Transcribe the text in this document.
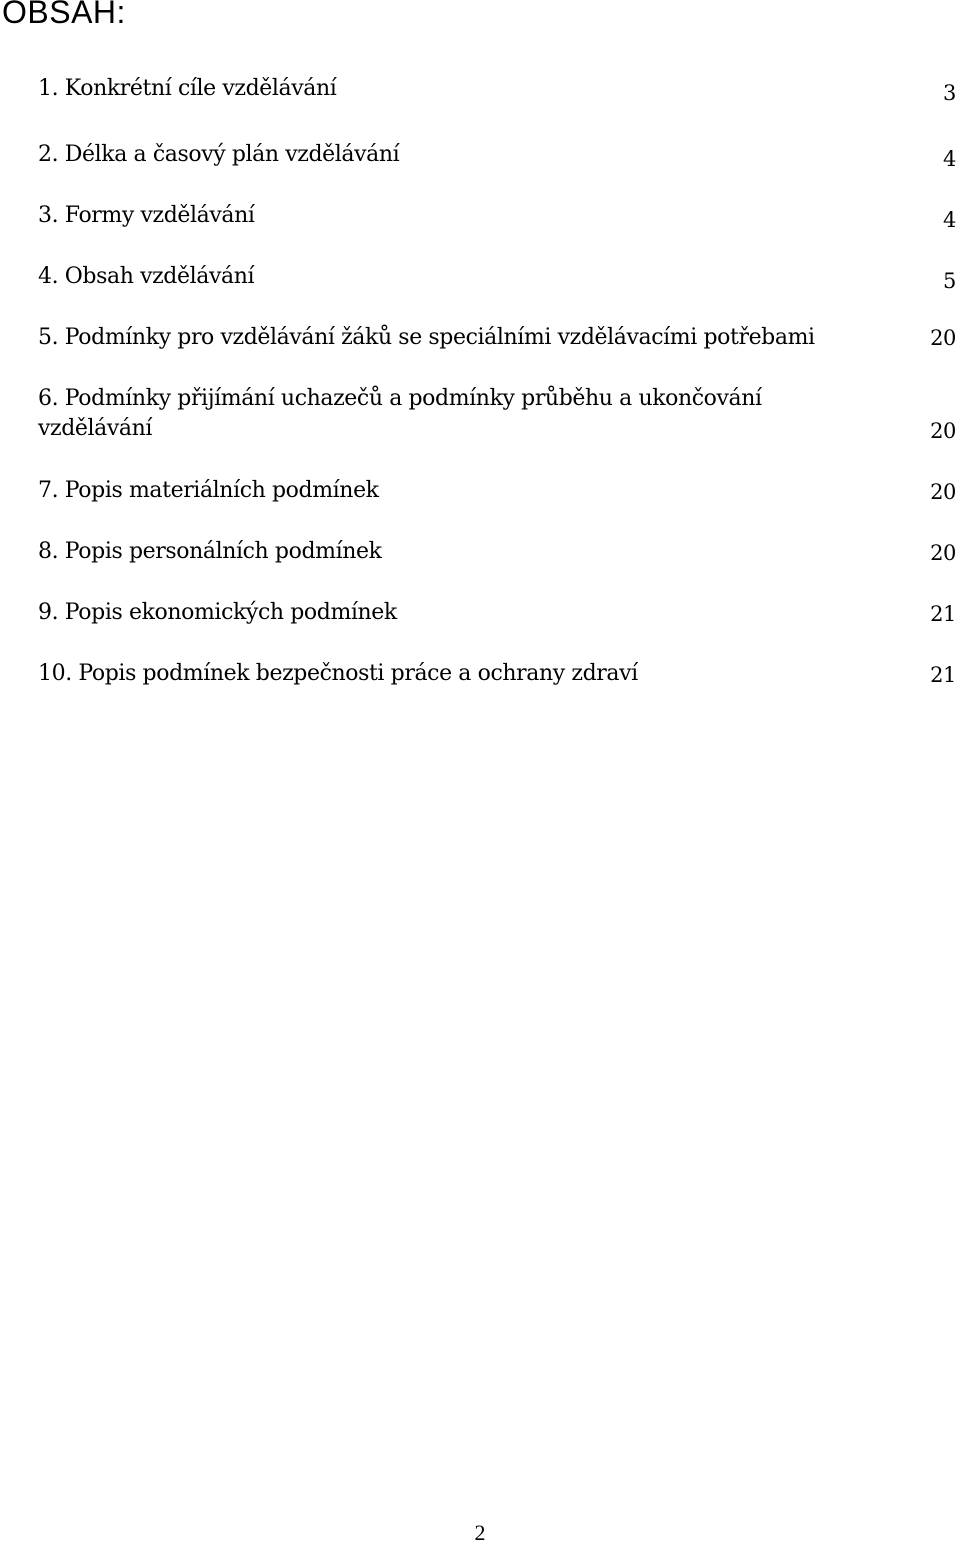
OBSAH:
1. Konkrétní cíle vzdělávání	3
2. Délka a časový plán vzdělávání	4
3. Formy vzdělávání	4
4. Obsah vzdělávání	5
5. Podmínky pro vzdělávání žáků se speciálními vzdělávacími potřebami	20
6. Podmínky přijímání uchazečů a podmínky průběhu a ukončování vzdělávání	20
7. Popis materiálních podmínek	20
8. Popis personálních podmínek	20
9. Popis ekonomických podmínek	21
10. Popis podmínek bezpečnosti práce a ochrany zdraví	21
2
